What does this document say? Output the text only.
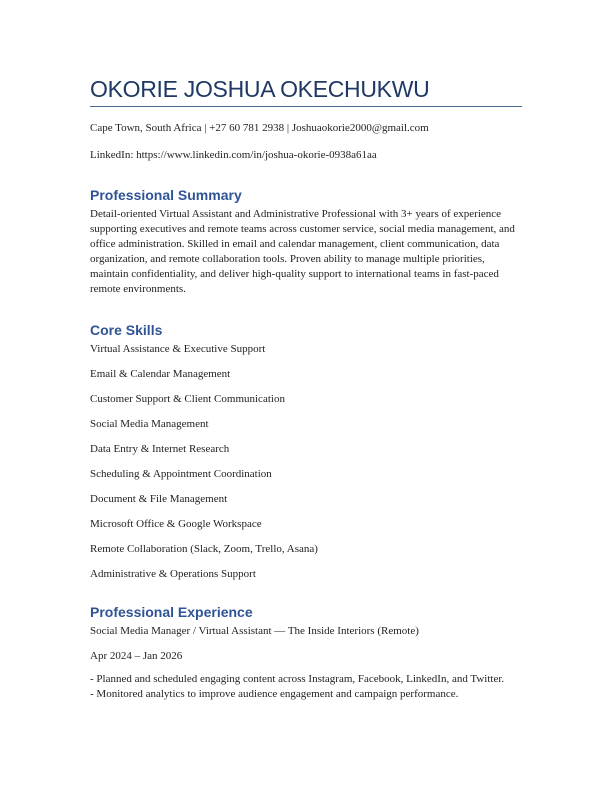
OKORIE JOSHUA OKECHUKWU
Cape Town, South Africa | +27 60 781 2938 | Joshuaokorie2000@gmail.com
LinkedIn: https://www.linkedin.com/in/joshua-okorie-0938a61aa
Professional Summary
Detail-oriented Virtual Assistant and Administrative Professional with 3+ years of experience supporting executives and remote teams across customer service, social media management, and office administration. Skilled in email and calendar management, client communication, data organization, and remote collaboration tools. Proven ability to manage multiple priorities, maintain confidentiality, and deliver high-quality support to international teams in fast-paced remote environments.
Core Skills
Virtual Assistance & Executive Support
Email & Calendar Management
Customer Support & Client Communication
Social Media Management
Data Entry & Internet Research
Scheduling & Appointment Coordination
Document & File Management
Microsoft Office & Google Workspace
Remote Collaboration (Slack, Zoom, Trello, Asana)
Administrative & Operations Support
Professional Experience
Social Media Manager / Virtual Assistant — The Inside Interiors (Remote)
Apr 2024 – Jan 2026
- Planned and scheduled engaging content across Instagram, Facebook, LinkedIn, and Twitter.
- Monitored analytics to improve audience engagement and campaign performance.
